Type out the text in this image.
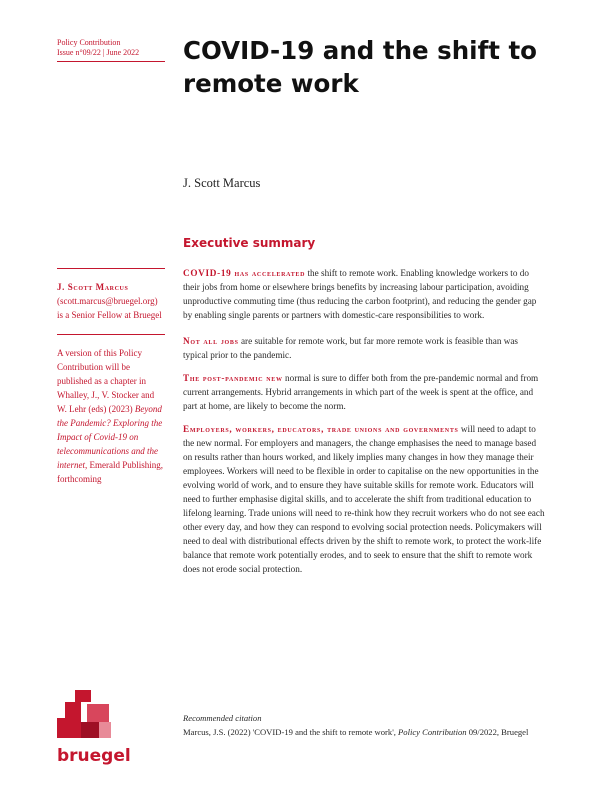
Policy Contribution
Issue n°09/22 | June 2022 COVID-19 and the shift to remote work
J. Scott Marcus
J. Scott Marcus (scott.marcus@bruegel.org) is a Senior Fellow at Bruegel
A version of this Policy Contribution will be published as a chapter in Whalley, J., V. Stocker and W. Lehr (eds) (2023) Beyond the Pandemic? Exploring the Impact of Covid-19 on telecommunications and the internet, Emerald Publishing, forthcoming
Executive summary

COVID-19 has accelerated the shift to remote work. Enabling knowledge workers to do their jobs from home or elsewhere brings benefits by increasing labour participation, avoiding unproductive commuting time (thus reducing the carbon footprint), and reducing the gender gap by enabling single parents or partners with domestic-care responsibilities to work.

Not all jobs are suitable for remote work, but far more remote work is feasible than was typical prior to the pandemic.

The post-pandemic new normal is sure to differ both from the pre-pandemic normal and from current arrangements. Hybrid arrangements in which part of the week is spent at the office, and part at home, are likely to become the norm.

Employers, workers, educators, trade unions and governments will need to adapt to the new normal. For employers and managers, the change emphasises the need to manage based on results rather than hours worked, and likely implies many changes in how they manage their employees. Workers will need to be flexible in order to capitalise on the new opportunities in the evolving world of work, and to ensure they have suitable skills for remote work. Educators will need to further emphasise digital skills, and to accelerate the shift from traditional education to lifelong learning. Trade unions will need to re-think how they recruit workers who do not see each other every day, and how they can respond to evolving social protection needs. Policymakers will need to deal with distributional effects driven by the shift to remote work, to protect the work-life balance that remote work potentially erodes, and to seek to ensure that the shift to remote work does not erode social protection.

Recommended citation
Marcus, J.S. (2022) 'COVID-19 and the shift to remote work', Policy Contribution 09/2022, Bruegel
bruegel
